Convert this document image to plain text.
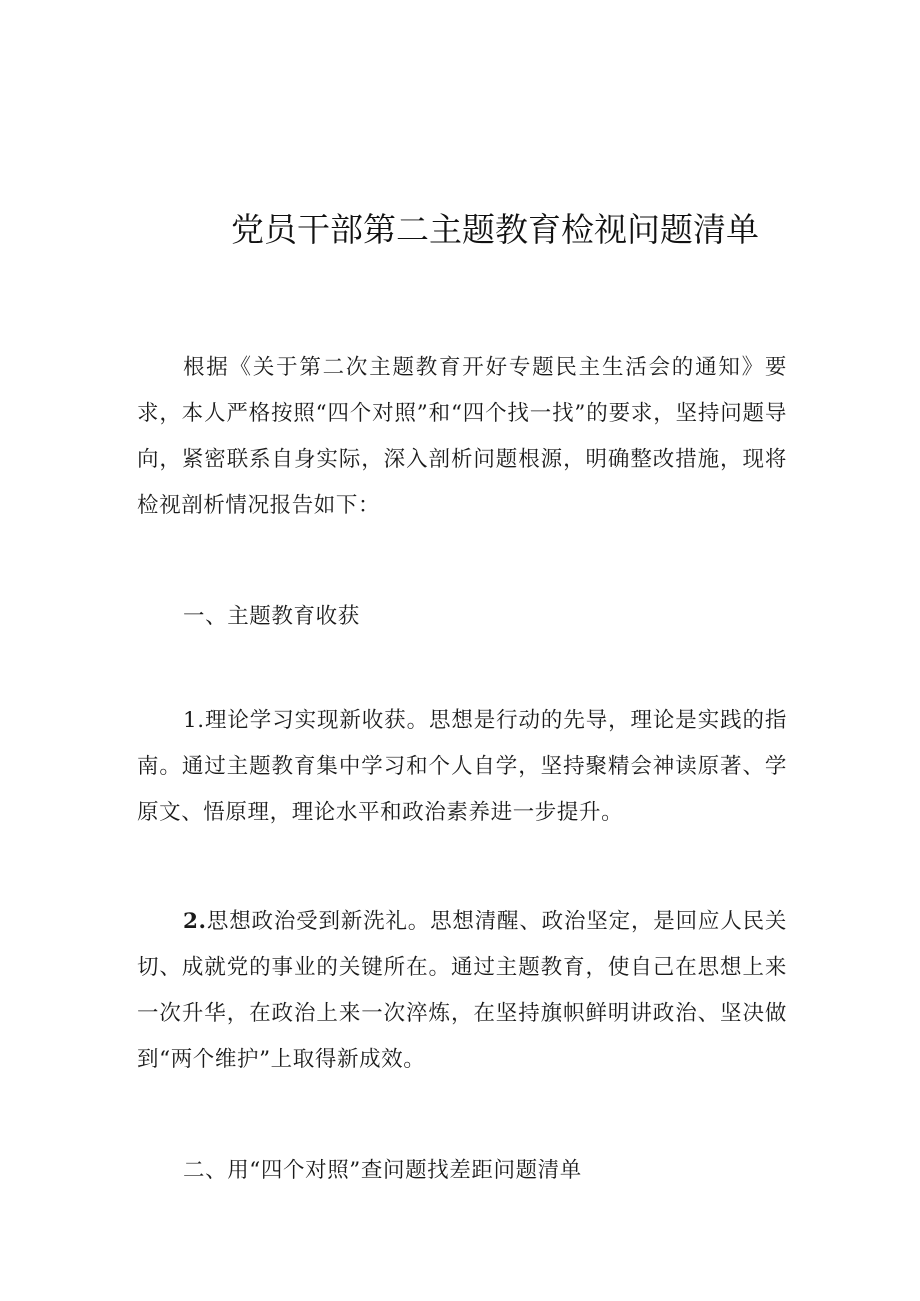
党员干部第二主题教育检视问题清单

根据《关于第二次主题教育开好专题民主生活会的通知》要求，本人严格按照“四个对照”和“四个找一找”的要求，坚持问题导向，紧密联系自身实际，深入剖析问题根源，明确整改措施，现将检视剖析情况报告如下：

一、主题教育收获

1.理论学习实现新收获。思想是行动的先导，理论是实践的指南。通过主题教育集中学习和个人自学，坚持聚精会神读原著、学原文、悟原理，理论水平和政治素养进一步提升。

2.思想政治受到新洗礼。思想清醒、政治坚定，是回应人民关切、成就党的事业的关键所在。通过主题教育，使自己在思想上来一次升华，在政治上来一次淬炼，在坚持旗帜鲜明讲政治、坚决做到“两个维护”上取得新成效。

二、用“四个对照”查问题找差距问题清单
